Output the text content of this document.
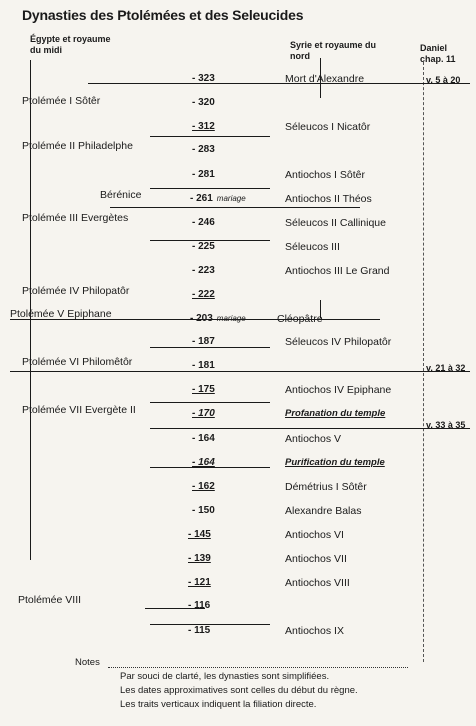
Dynasties des Ptolémées et des Seleucides
Égypte et royaume du midi	Syrie et royaume du nord
Daniel chap. 11
Ptolémée I Sôtêr
Ptolémée II Philadelphe
Bérénice
Ptolémée III Evergètes
Ptolémée IV Philopatôr
Ptolémée V Epiphane
Ptolémée VI Philomêtôr
Ptolémée VII Evergète II
Ptolémée VIII
- 323
- 320
- 312
- 283
- 281
- 261 mariage
- 246
- 225
- 223
- 222
- 203 mariage
- 187
- 181
- 175
- 170
- 164
- 164
- 162
- 150
- 145
- 139
- 121
- 116
- 115
Mort d'Alexandre
Séleucos I Nicatôr
Antiochos I Sôtêr
Antiochos II Théos
Séleucos II Callinique
Séleucos III
Antiochos III Le Grand
Cléopâtre
Séleucos IV Philopatôr
Antiochos IV Epiphane
Antiochos V
Démétrius I Sôtêr
Alexandre Balas
Antiochos VI
Antiochos VII
Antiochos VIII
Antiochos IX
Profanation du temple
Purification du temple
v. 5 à 20
v. 21 à 32
v. 33 à 35
Notes
Par souci de clarté, les dynasties sont simplifiées.
Les dates approximatives sont celles du début du règne.
Les traits verticaux indiquent la filiation directe.
